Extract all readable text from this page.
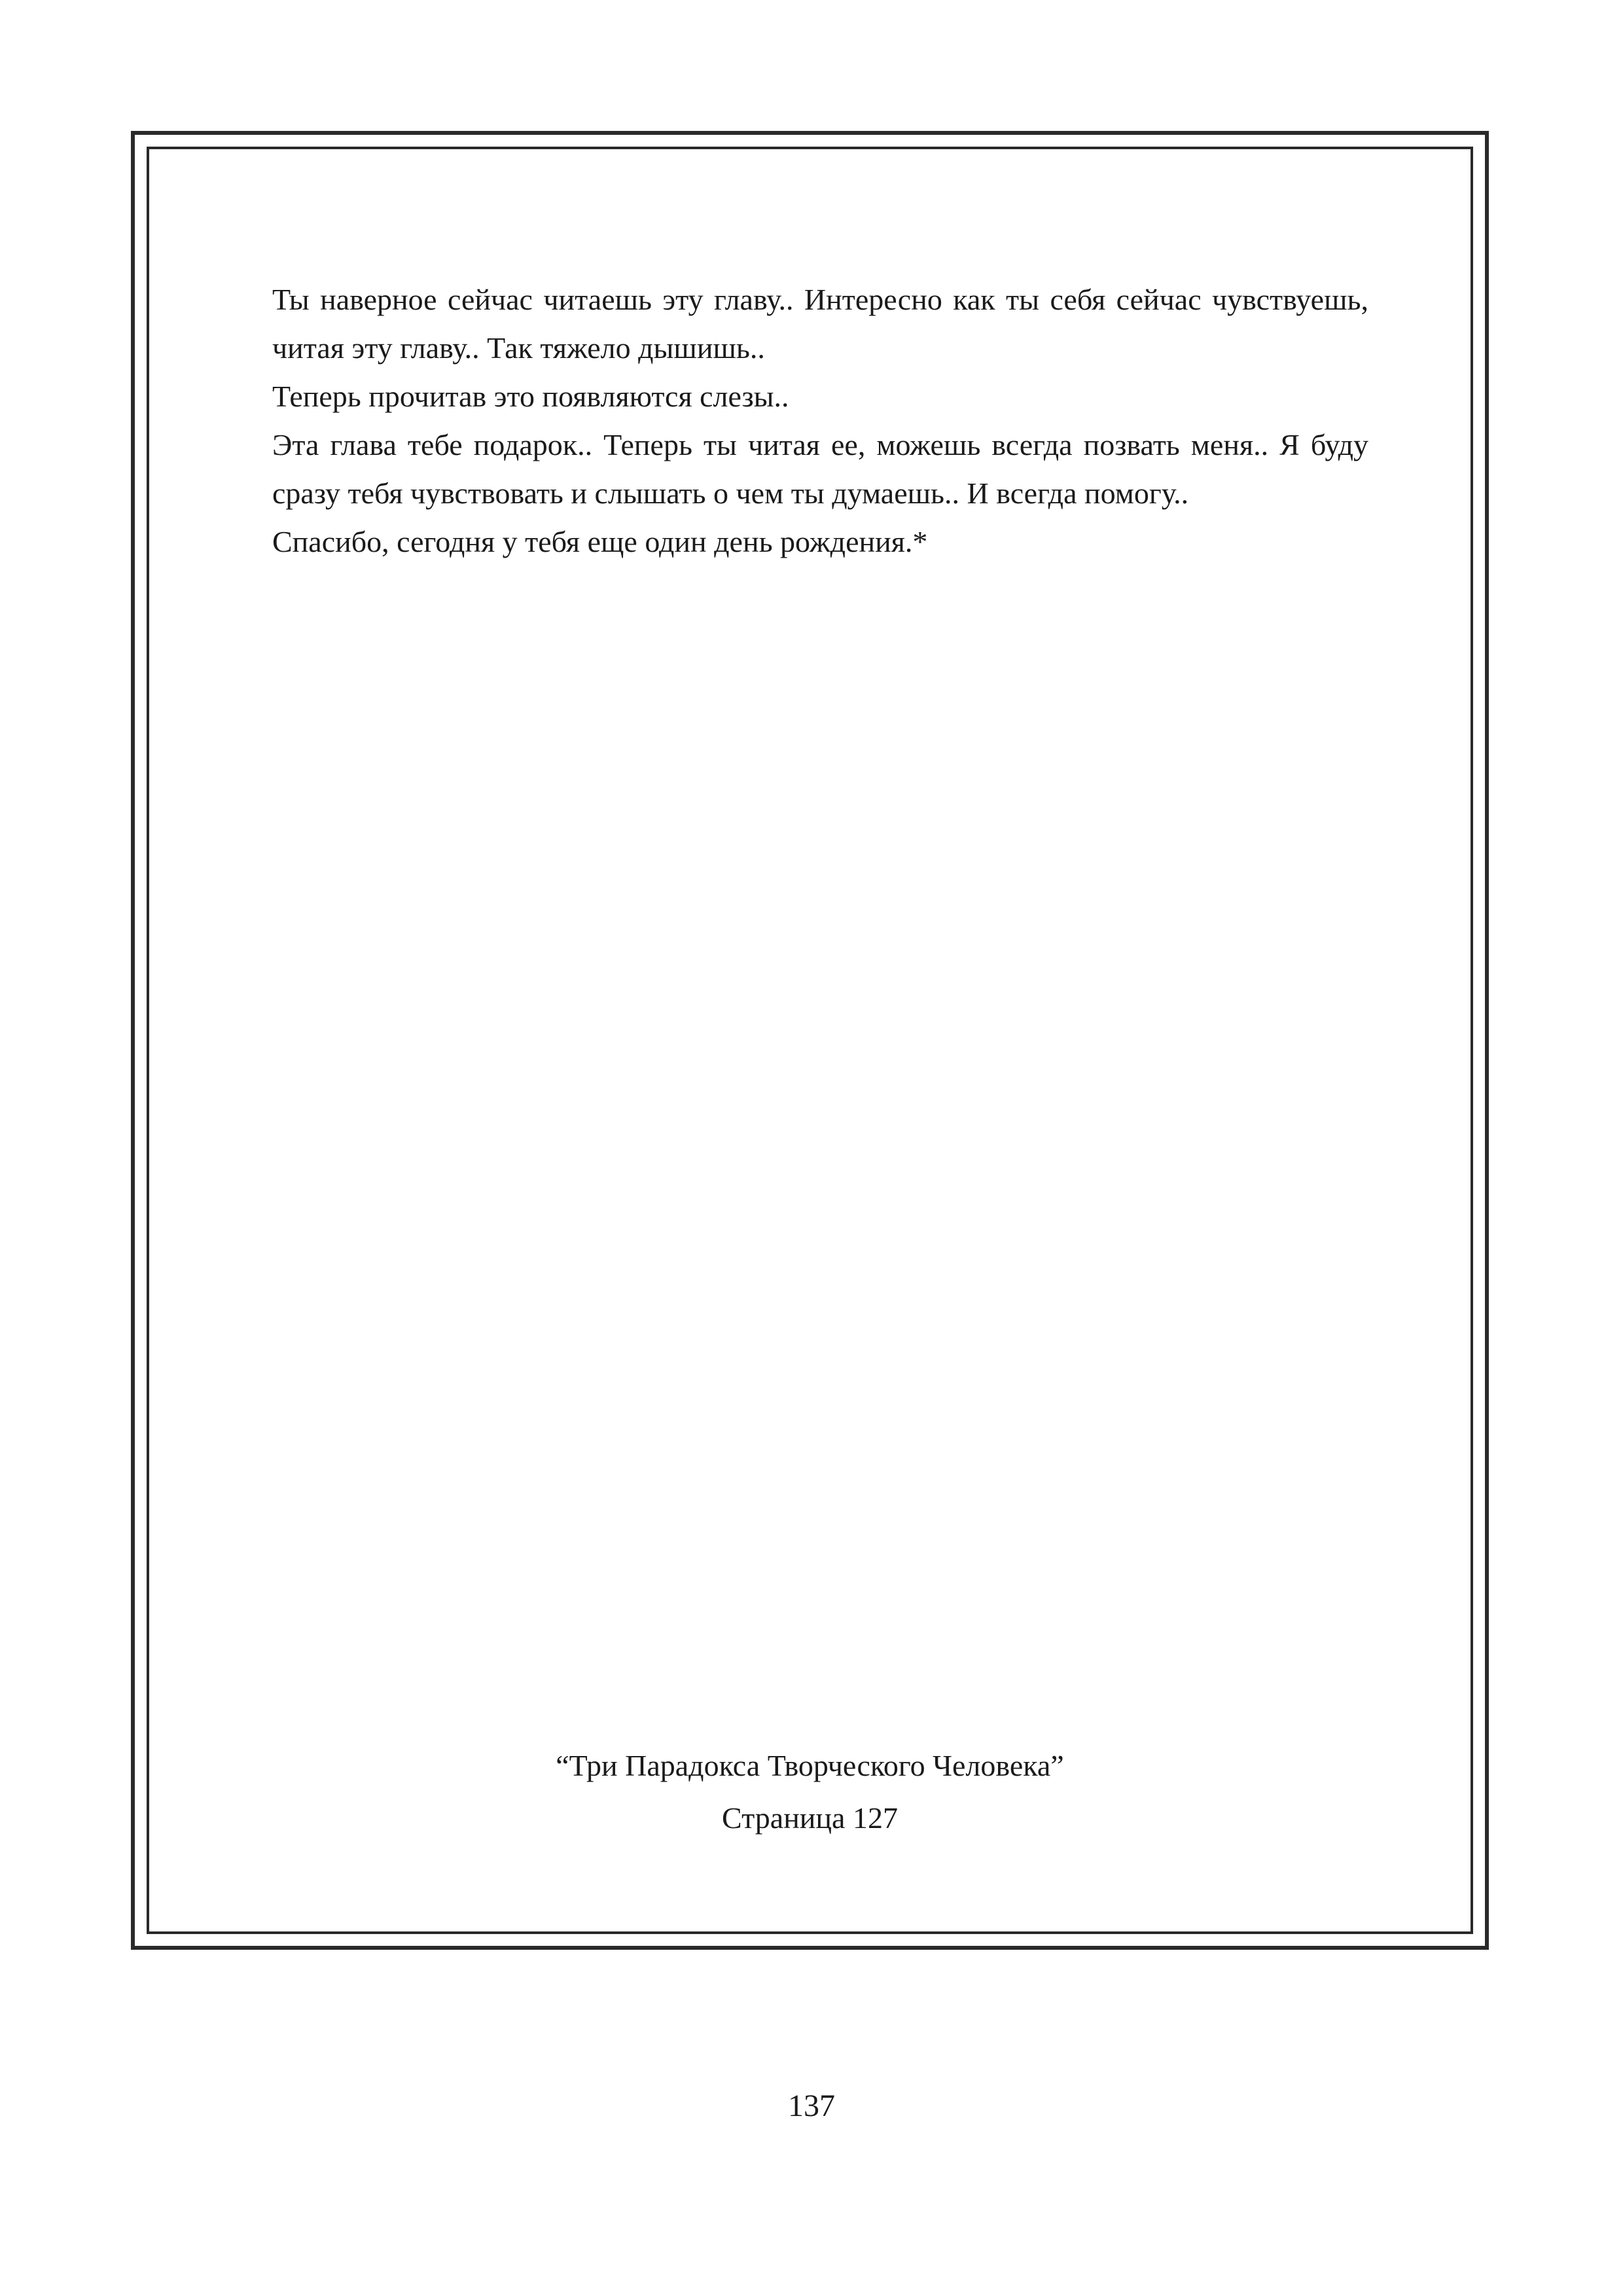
Ты наверное сейчас читаешь эту главу.. Интересно как ты себя сейчас чувствуешь, читая эту главу.. Так тяжело дышишь..

Теперь прочитав это появляются слезы..

Эта глава тебе подарок.. Теперь ты читая ее, можешь всегда позвать меня.. Я буду сразу тебя чувствовать и слышать о чем ты думаешь.. И всегда помогу..

Спасибо, сегодня у тебя еще один день рождения.*

“Три Парадокса Творческого Человека”
Страница 127
137
